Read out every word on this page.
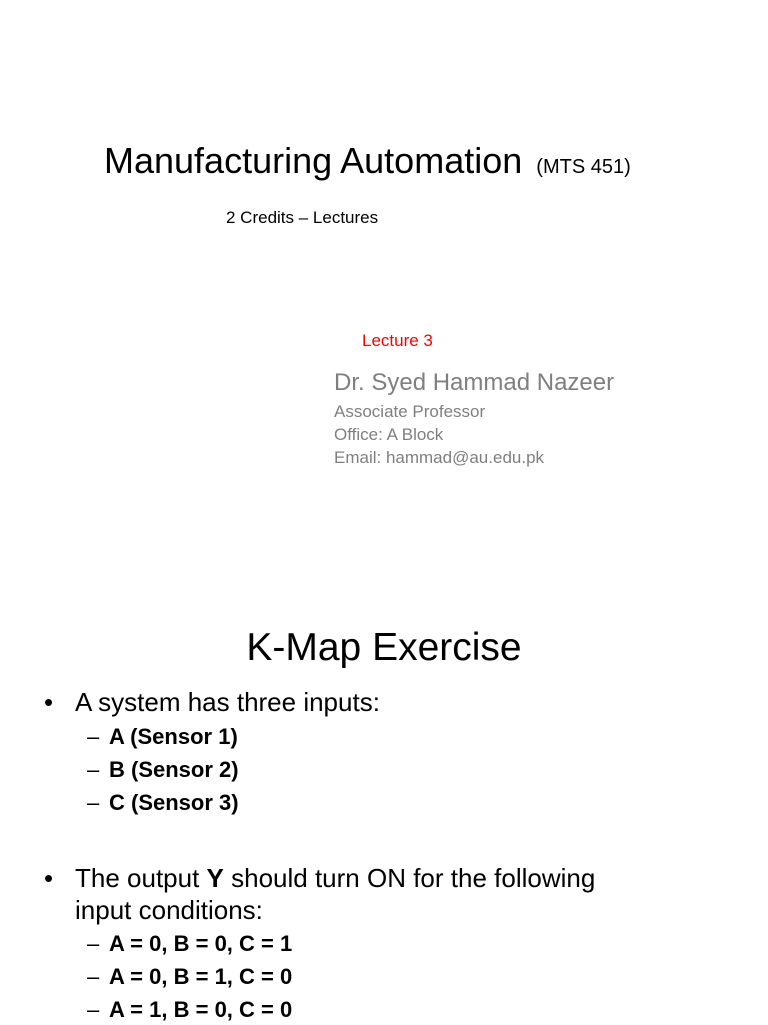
Manufacturing Automation (MTS 451)
2 Credits – Lectures
Lecture 3
Dr. Syed Hammad Nazeer
Associate Professor
Office: A Block
Email: hammad@au.edu.pk
K-Map Exercise
• A system has three inputs:
– A (Sensor 1)
– B (Sensor 2)
– C (Sensor 3)
• The output Y should turn ON for the following
input conditions:
– A = 0, B = 0, C = 1
– A = 0, B = 1, C = 0
– A = 1, B = 0, C = 0
